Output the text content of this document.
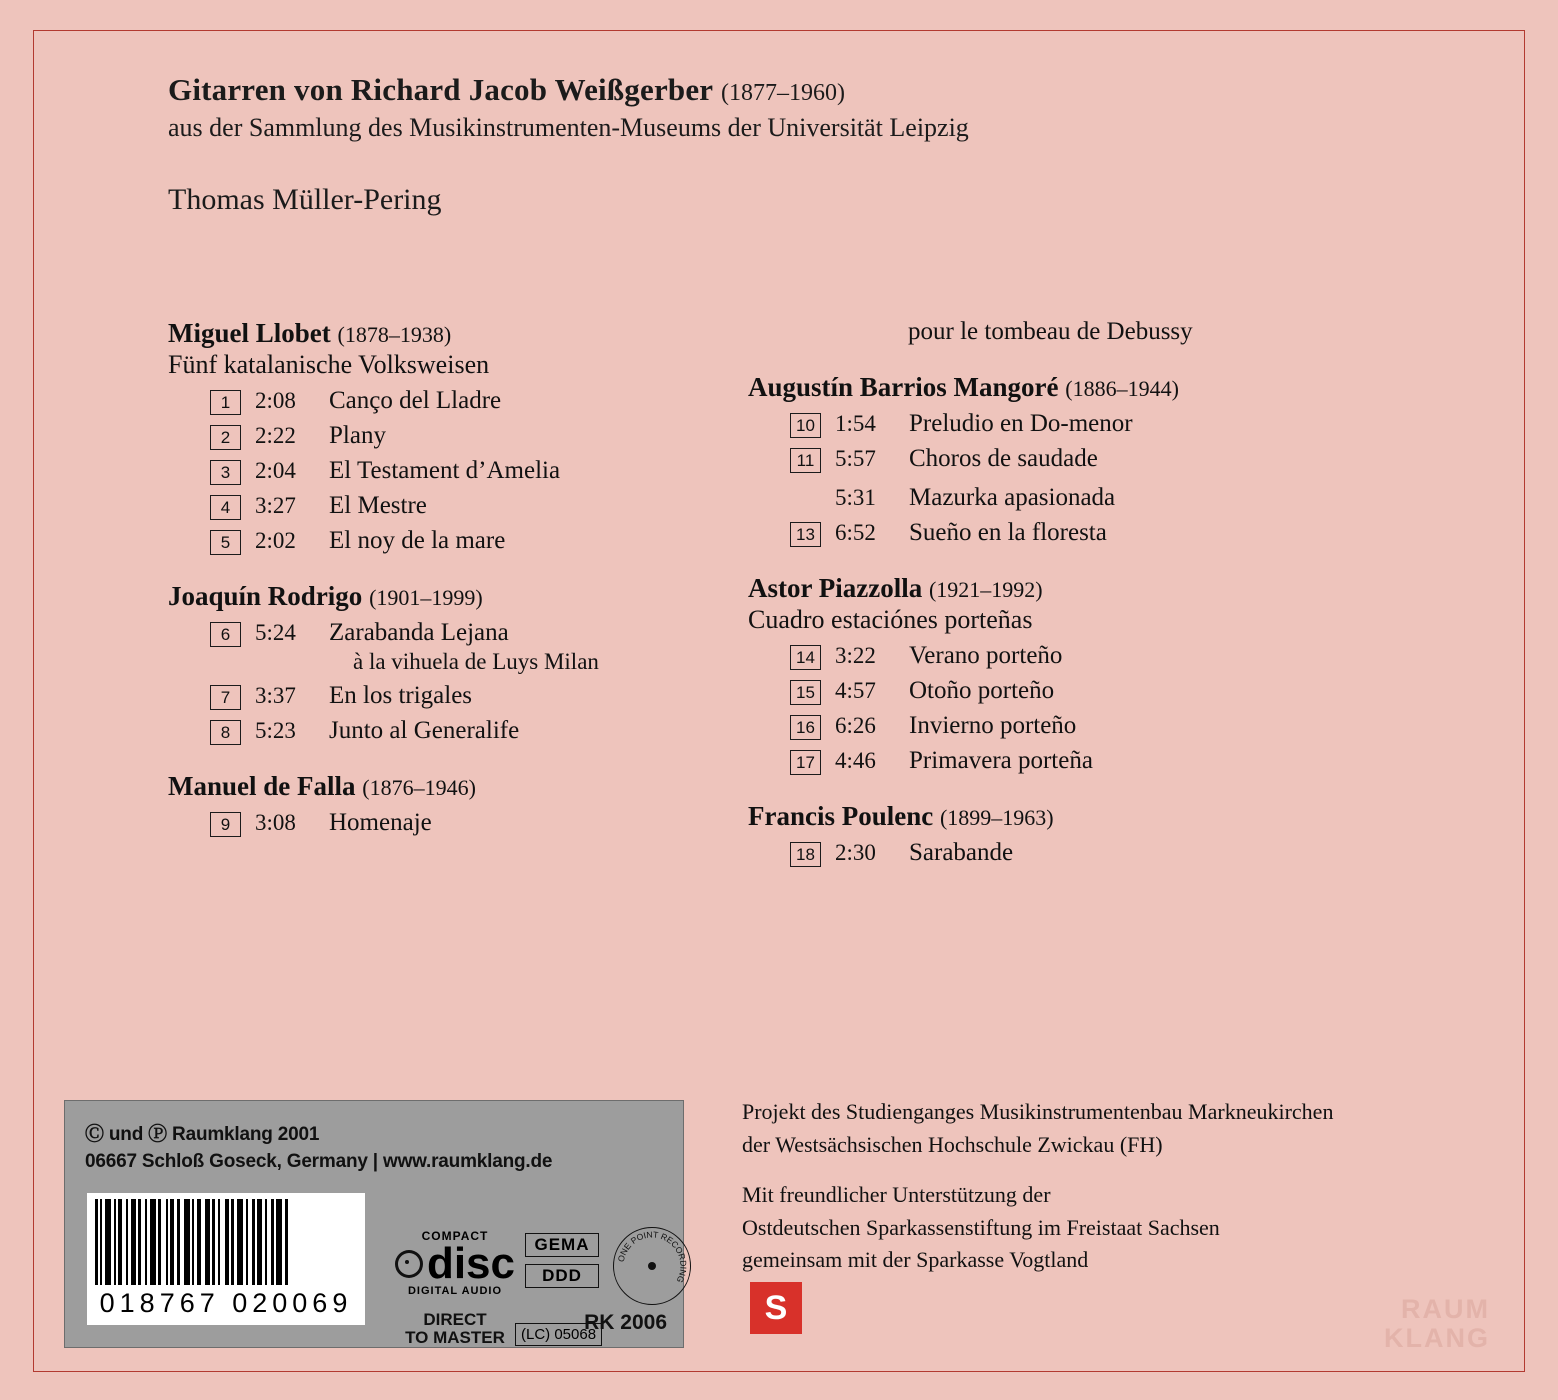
Gitarren von Richard Jacob Weißgerber (1877–1960)
aus der Sammlung des Musikinstrumenten-Museums der Universität Leipzig
Thomas Müller-Pering
Miguel Llobet (1878–1938)
Fünf katalanische Volksweisen
1	2:08	Canço del Lladre
2	2:22	Plany
3	2:04	El Testament d’Amelia
4	3:27	El Mestre
5	2:02	El noy de la mare
Joaquín Rodrigo (1901–1999)
6	5:24	Zarabanda Lejana
à la vihuela de Luys Milan
7	3:37	En los trigales
8	5:23	Junto al Generalife
Manuel de Falla (1876–1946)
9	3:08	Homenaje
pour le tombeau de Debussy
Augustín Barrios Mangoré (1886–1944)
10 1:54	Preludio en Do-menor
11 5:57	Choros de saudade
5:31	Mazurka apasionada
13 6:52	Sueño en la floresta
Astor Piazzolla (1921–1992)
Cuadro estaciónes porteñas
14 3:22	Verano porteño
15 4:57	Otoño porteño
16 6:26	Invierno porteño
17 4:46	Primavera porteña
Francis Poulenc (1899–1963)
18 2:30	Sarabande
Ⓒ und Ⓟ Raumklang 2001
06667 Schloß Goseck, Germany | www.raumklang.de
018767 020069
COMPACT
disc
DIGITAL AUDIO
DIRECT
TO MASTER
GEMA
DDD
(LC) 05068
ONE POINT RECORDING
RK 2006

Projekt des Studienganges Musikinstrumentenbau Markneukirchen

der Westsächsischen Hochschule Zwickau (FH)

Mit freundlicher Unterstützung der

Ostdeutschen Sparkassenstiftung im Freistaat Sachsen

gemeinsam mit der Sparkasse Vogtland

S	RAUM
KLANG
